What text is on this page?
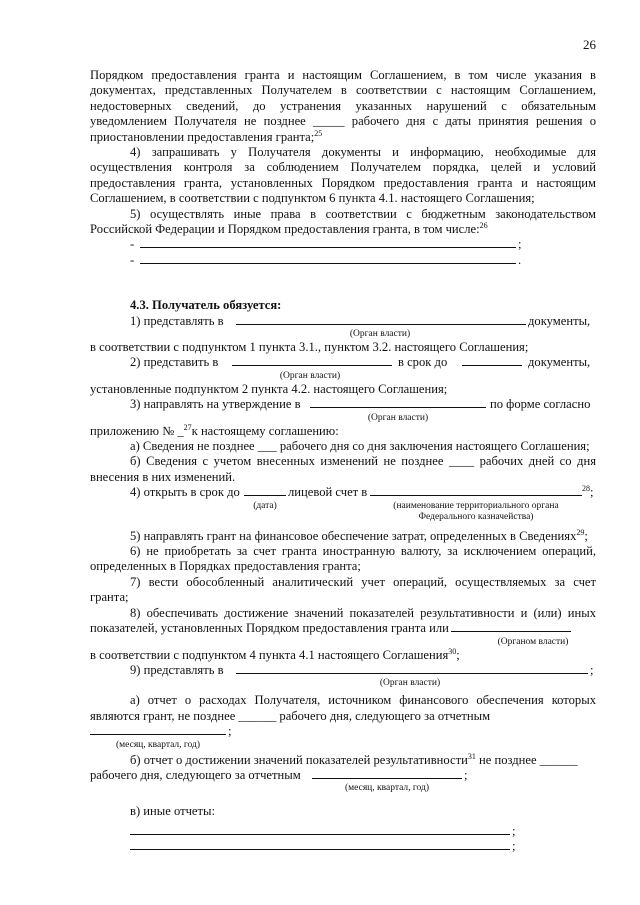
26

Порядком предоставления гранта и настоящим Соглашением, в том числе указания в документах, представленных Получателем в соответствии с настоящим Соглашением, недостоверных сведений, до устранения указанных нарушений с обязательным уведомлением Получателя не позднее _____ рабочего дня с даты принятия решения о приостановлении предоставления гранта;$^{25}$

4) запрашивать у Получателя документы и информацию, необходимые для осуществления контроля за соблюдением Получателем порядка, целей и условий предоставления гранта, установленных Порядком предоставления гранта и настоящим Соглашением, в соответствии с подпунктом 6 пункта 4.1. настоящего Соглашения;

5) осуществлять иные права в соответствии с бюджетным законодательством Российской Федерации и Порядком предоставления гранта, в том числе:$^{26}$

-	;
-	.

4.3. Получатель обязуется:

1) представлять в	документы,
(Орган власти)

в соответствии с подпунктом 1 пункта 3.1., пунктом 3.2. настоящего Соглашения;

2) представить в	в срок до	документы,
(Орган власти)

установленные подпунктом 2 пункта 4.2. настоящего Соглашения;

3) направлять на утверждение в	по форме согласно
(Орган власти)

приложению № _$^{27}$к настоящему соглашению:

а) Сведения не позднее ___ рабочего дня со дня заключения настоящего Соглашения;

б) Сведения с учетом внесенных изменений не позднее ____ рабочих дней со дня внесения в них изменений.

4) открыть в срок до	лицевой счет в	$^{28}$;
(дата)	(наименование территориального органа
Федерального казначейства)

5) направлять грант на финансовое обеспечение затрат, определенных в Сведениях$^{29}$;

6) не приобретать за счет гранта иностранную валюту, за исключением операций, определенных в Порядках предоставления гранта;

7) вести обособленный аналитический учет операций, осуществляемых за счет гранта;

8) обеспечивать достижение значений показателей результативности и (или) иных показателей, установленных Порядком предоставления гранта или

(Органом власти)

в соответствии с подпунктом 4 пункта 4.1 настоящего Соглашения$^{30}$;

9) представлять в	;
(Орган власти)

а) отчет о расходах Получателя, источником финансового обеспечения которых являются грант, не позднее ______ рабочего дня, следующего за отчетным

;
(месяц, квартал, год)

б) отчет о достижении значений показателей результативности$^{31}$ не позднее ______

рабочего дня, следующего за отчетным	;
(месяц, квартал, год)

в) иные отчеты:

;
;
